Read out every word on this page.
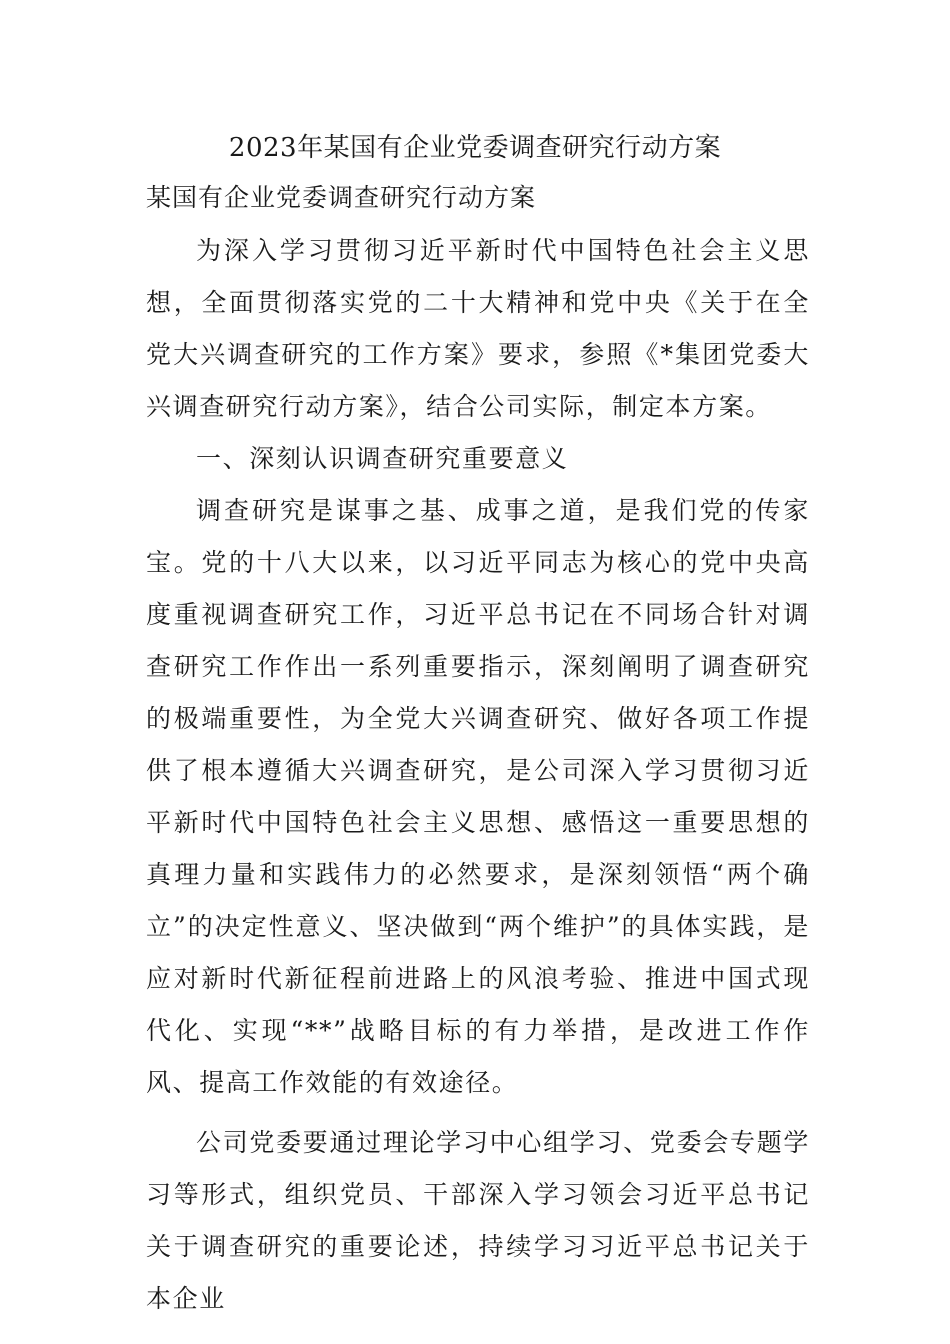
2023年某国有企业党委调查研究行动方案
某国有企业党委调查研究行动方案

为深入学习贯彻习近平新时代中国特色社会主义思想，全面贯彻落实党的二十大精神和党中央《关于在全党大兴调查研究的工作方案》要求，参照《*集团党委大兴调查研究行动方案》，结合公司实际，制定本方案。

一、深刻认识调查研究重要意义

调查研究是谋事之基、成事之道，是我们党的传家宝。党的十八大以来，以习近平同志为核心的党中央高度重视调查研究工作，习近平总书记在不同场合针对调查研究工作作出一系列重要指示，深刻阐明了调查研究的极端重要性，为全党大兴调查研究、做好各项工作提供了根本遵循大兴调查研究，是公司深入学习贯彻习近平新时代中国特色社会主义思想、感悟这一重要思想的真理力量和实践伟力的必然要求，是深刻领悟“两个确立”的决定性意义、坚决做到“两个维护”的具体实践，是应对新时代新征程前进路上的风浪考验、推进中国式现代化、实现“**”战略目标的有力举措，是改进工作作风、提高工作效能的有效途径。

公司党委要通过理论学习中心组学习、党委会专题学习等形式，组织党员、干部深入学习领会习近平总书记关于调查研究的重要论述，持续学习习近平总书记关于本企业
